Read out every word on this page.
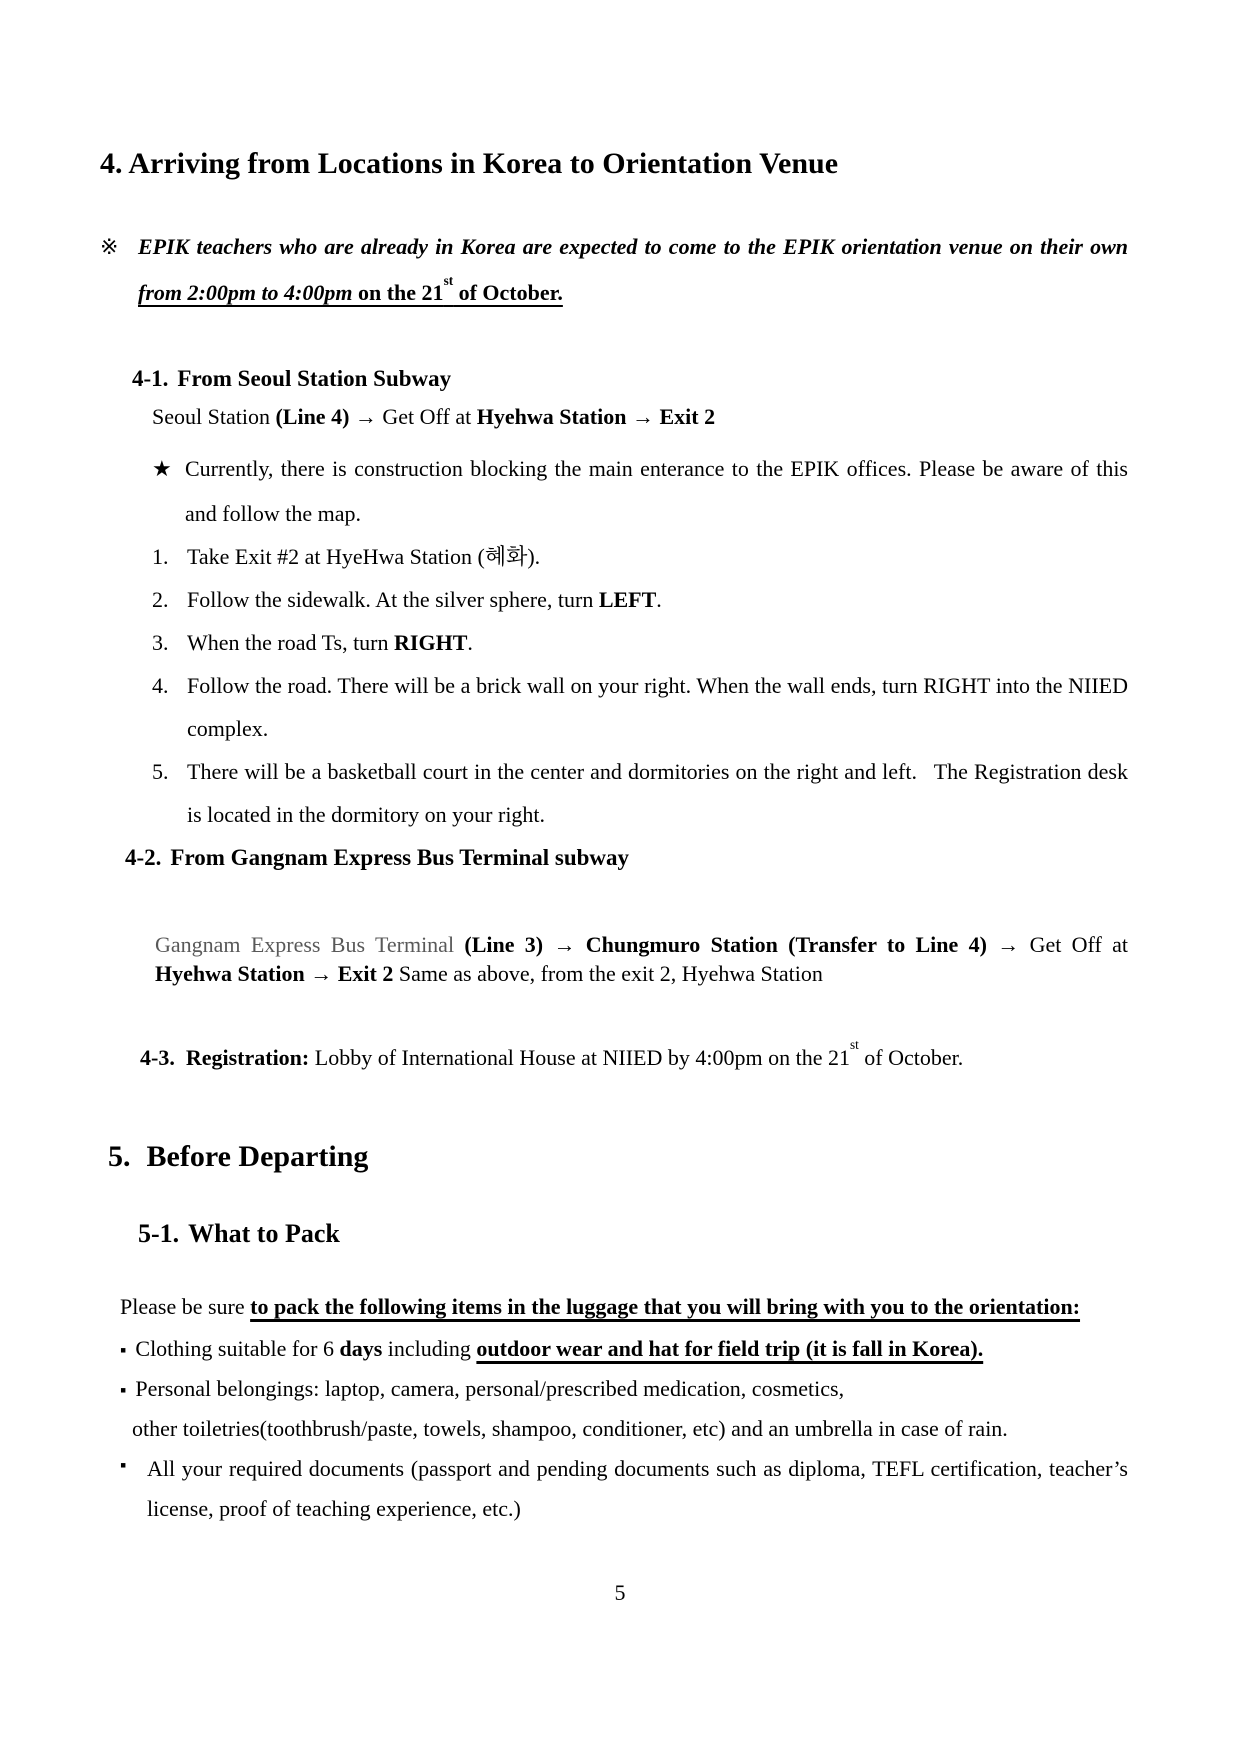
4. Arriving from Locations in Korea to Orientation Venue
※ EPIK teachers who are already in Korea are expected to come to the EPIK orientation venue on their own from 2:00pm to 4:00pm on the 21st of October.

4-1. From Seoul Station Subway

Seoul Station (Line 4) → Get Off at Hyehwa Station → Exit 2

★ Currently, there is construction blocking the main enterance to the EPIK offices. Please be aware of this and follow the map.
1. Take Exit #2 at HyeHwa Station (혜화).
2. Follow the sidewalk. At the silver sphere, turn LEFT.
3. When the road Ts, turn RIGHT.
4. Follow the road. There will be a brick wall on your right. When the wall ends, turn RIGHT into the NIIED complex.
5. There will be a basketball court in the center and dormitories on the right and left.  The Registration desk is located in the dormitory on your right.
4-2. From Gangnam Express Bus Terminal subway

Gangnam Express Bus Terminal (Line 3) → Chungmuro Station (Transfer to Line 4) → Get Off at Hyehwa Station → Exit 2 Same as above, from the exit 2, Hyehwa Station

4-3. Registration: Lobby of International House at NIIED by 4:00pm on the 21st of October.

5. Before Departing
5-1. What to Pack

Please be sure to pack the following items in the luggage that you will bring with you to the orientation:

▪ Clothing suitable for 6 days including outdoor wear and hat for field trip (it is fall in Korea).
▪ Personal belongings: laptop, camera, personal/prescribed medication, cosmetics,
other toiletries(toothbrush/paste, towels, shampoo, conditioner, etc) and an umbrella in case of rain.
▪ All your required documents (passport and pending documents such as diploma, TEFL certification, teacher’s license, proof of teaching experience, etc.)
5
